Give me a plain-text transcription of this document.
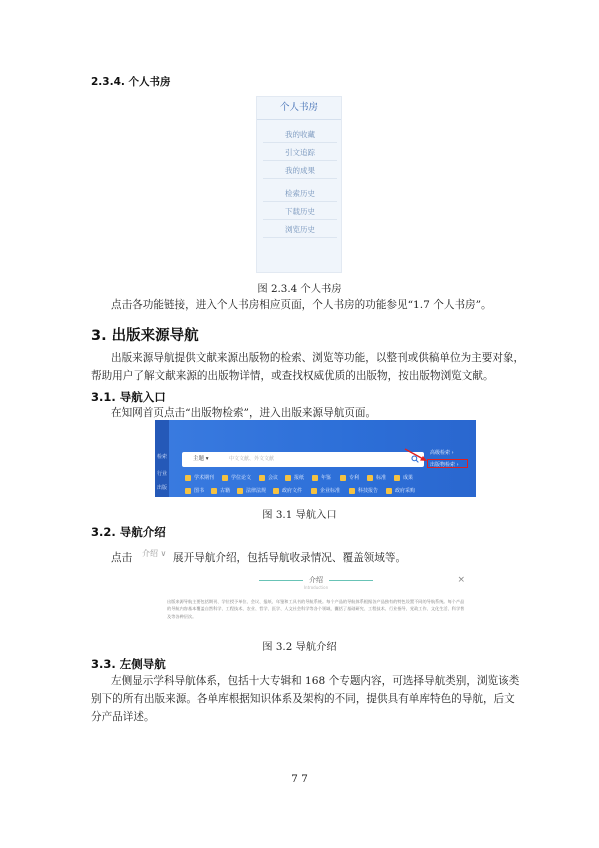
2.3.4. 个人书房
个人书房
我的收藏
引文追踪
我的成果
检索历史
下载历史
浏览历史
图 2.3.4 个人书房
点击各功能链接，进入个人书房相应页面，个人书房的功能参见“1.7 个人书房”。
3. 出版来源导航
出版来源导航提供文献来源出版物的检索、浏览等功能，以整刊或供稿单位为主要对象，
帮助用户了解文献来源的出版物详情，或查找权威优质的出版物，按出版物浏览文献。
3.1. 导航入口
在知网首页点击“出版物检索”，进入出版来源导航页面。
检索
行业
出版
主题 ▾	中文文献、外文文献
学术期刊	学位论文	会议	报纸	年鉴	专利	标准	成果
图书	古籍	法律法规	政府文件	企业标准	科技报告	政府采购
高级检索 ›
出版物检索 ›
图 3.1 导航入口
3.2. 导航介绍
点击 介绍 ∨ 展开导航介绍，包括导航收录情况、覆盖领域等。
介绍
Introduction
×
出版来源导航主要包括期刊、学位授予单位、会议、报纸、年鉴和工具书的导航系统。每个产品的导航体系根据各产品独有的特色设置不同的导航系统。每个产品的导航内容基本覆盖自然科学、工程技术、农业、哲学、医学、人文社会科学等各个领域，囊括了基础研究、工程技术、行业指导、党政工作、文化生活、科学普及等各种层次。
图 3.2 导航介绍
3.3. 左侧导航
左侧显示学科导航体系，包括十大专辑和 168 个专题内容，可选择导航类别，浏览该类
别下的所有出版来源。各单库根据知识体系及架构的不同，提供具有单库特色的导航，后文
分产品详述。
7 7
